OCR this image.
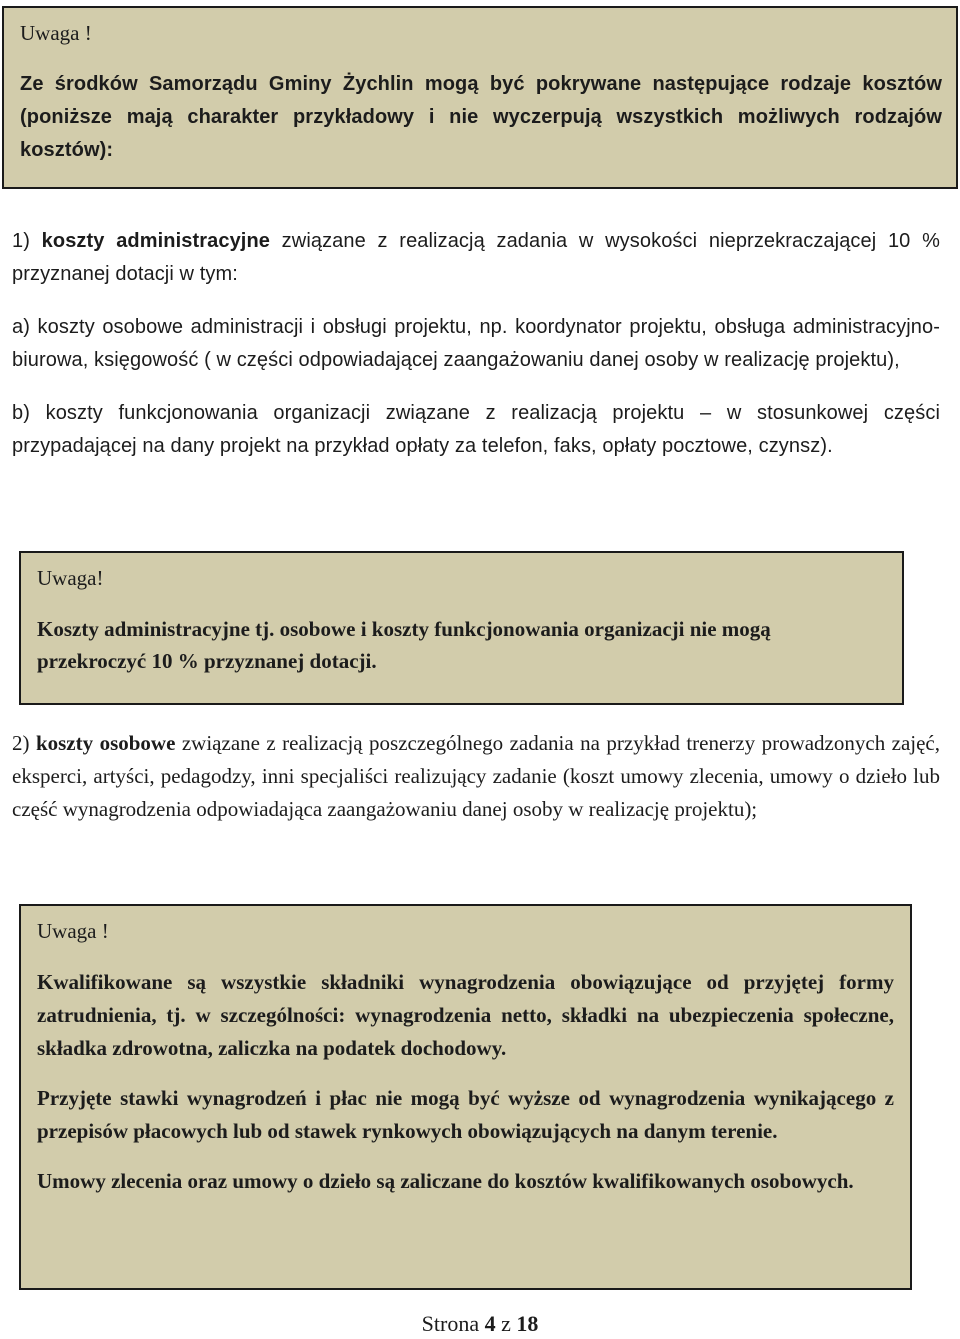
Uwaga !

Ze środków Samorządu Gminy Żychlin mogą być pokrywane następujące rodzaje kosztów (poniższe mają charakter przykładowy i nie wyczerpują wszystkich możliwych rodzajów kosztów):

1) koszty administracyjne związane z realizacją zadania w wysokości nieprzekraczającej 10 % przyznanej dotacji w tym:

a) koszty osobowe administracji i obsługi projektu, np. koordynator projektu, obsługa administracyjno-biurowa, księgowość ( w części odpowiadającej zaangażowaniu danej osoby w realizację projektu),

b) koszty funkcjonowania organizacji związane z realizacją projektu – w stosunkowej części przypadającej na dany projekt na przykład opłaty za telefon, faks, opłaty pocztowe, czynsz).

Uwaga!

Koszty administracyjne tj. osobowe i koszty funkcjonowania organizacji nie mogą przekroczyć 10 % przyznanej dotacji.

2) koszty osobowe związane z realizacją poszczególnego zadania na przykład trenerzy prowadzonych zajęć, eksperci, artyści, pedagodzy, inni specjaliści realizujący zadanie (koszt umowy zlecenia, umowy o dzieło lub część wynagrodzenia odpowiadająca zaangażowaniu danej osoby w realizację projektu);

Uwaga !

Kwalifikowane są wszystkie składniki wynagrodzenia obowiązujące od przyjętej formy zatrudnienia, tj. w szczególności: wynagrodzenia netto, składki na ubezpieczenia społeczne, składka zdrowotna, zaliczka na podatek dochodowy.

Przyjęte stawki wynagrodzeń i płac nie mogą być wyższe od wynagrodzenia wynikającego z przepisów płacowych lub od stawek rynkowych obowiązujących na danym terenie.

Umowy zlecenia oraz umowy o dzieło są zaliczane do kosztów kwalifikowanych osobowych.

Strona 4 z 18
